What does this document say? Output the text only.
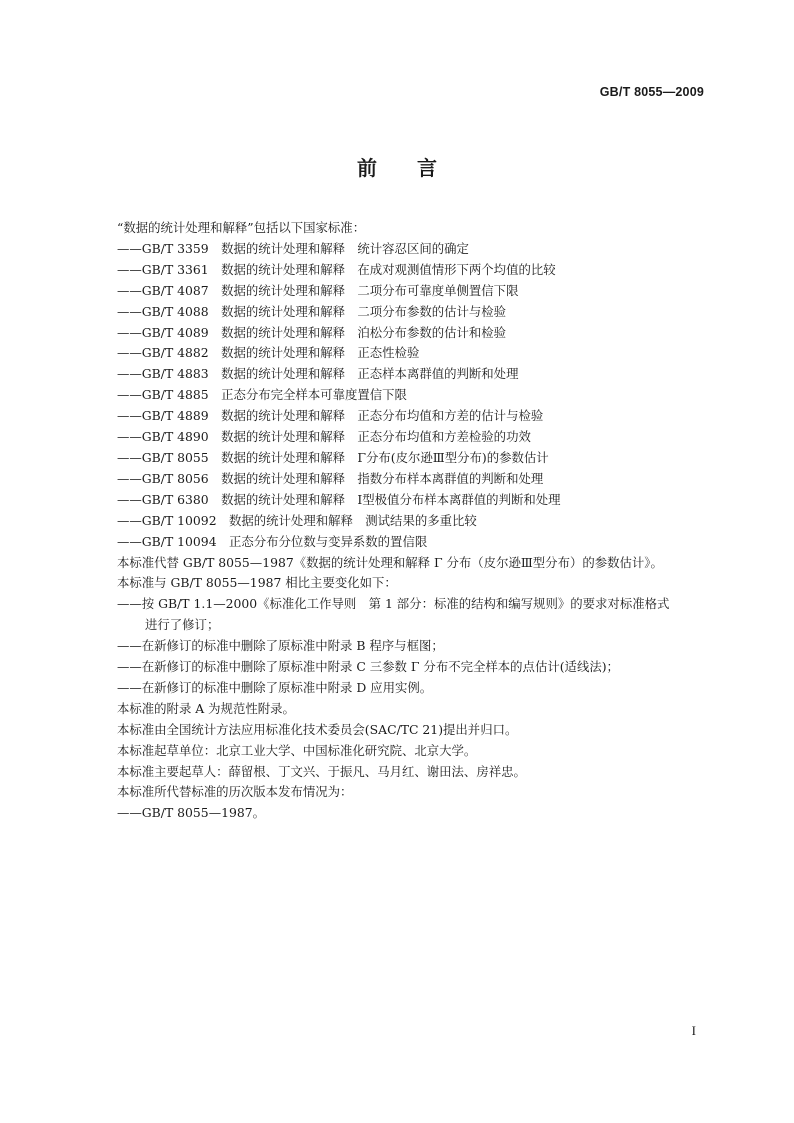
GB/T 8055—2009
前言
“数据的统计处理和解释”包括以下国家标准：
——GB/T 3359　数据的统计处理和解释　统计容忍区间的确定
——GB/T 3361　数据的统计处理和解释　在成对观测值情形下两个均值的比较
——GB/T 4087　数据的统计处理和解释　二项分布可靠度单侧置信下限
——GB/T 4088　数据的统计处理和解释　二项分布参数的估计与检验
——GB/T 4089　数据的统计处理和解释　泊松分布参数的估计和检验
——GB/T 4882　数据的统计处理和解释　正态性检验
——GB/T 4883　数据的统计处理和解释　正态样本离群值的判断和处理
——GB/T 4885　正态分布完全样本可靠度置信下限
——GB/T 4889　数据的统计处理和解释　正态分布均值和方差的估计与检验
——GB/T 4890　数据的统计处理和解释　正态分布均值和方差检验的功效
——GB/T 8055　数据的统计处理和解释　Γ分布(皮尔逊Ⅲ型分布)的参数估计
——GB/T 8056　数据的统计处理和解释　指数分布样本离群值的判断和处理
——GB/T 6380　数据的统计处理和解释　Ⅰ型极值分布样本离群值的判断和处理
——GB/T 10092　数据的统计处理和解释　测试结果的多重比较
——GB/T 10094　正态分布分位数与变异系数的置信限
本标准代替 GB/T 8055—1987《数据的统计处理和解释 Γ 分布（皮尔逊Ⅲ型分布）的参数估计》。
本标准与 GB/T 8055—1987 相比主要变化如下：
——按 GB/T 1.1—2000《标准化工作导则　第 1 部分：标准的结构和编写规则》的要求对标准格式
进行了修订；
——在新修订的标准中删除了原标准中附录 B 程序与框图；
——在新修订的标准中删除了原标准中附录 C 三参数 Γ 分布不完全样本的点估计(适线法)；
——在新修订的标准中删除了原标准中附录 D 应用实例。
本标准的附录 A 为规范性附录。
本标准由全国统计方法应用标准化技术委员会(SAC/TC 21)提出并归口。
本标准起草单位：北京工业大学、中国标准化研究院、北京大学。
本标准主要起草人：薛留根、丁文兴、于振凡、马月红、谢田法、房祥忠。
本标准所代替标准的历次版本发布情况为：
——GB/T 8055—1987。
I
